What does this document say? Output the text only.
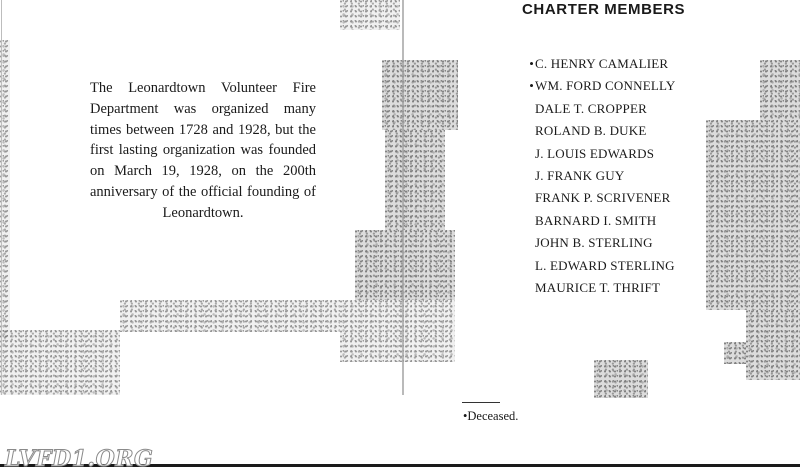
The Leonardtown Volunteer Fire Department was organized many times between 1728 and 1928, but the first lasting organization was founded on March 19, 1928, on the 200th anniversary of the official founding of Leonardtown.

CHARTER MEMBERS
• C. HENRY CAMALIER
• WM. FORD CONNELLY
DALE T. CROPPER
ROLAND B. DUKE
J. LOUIS EDWARDS
J. FRANK GUY
FRANK P. SCRIVENER
BARNARD I. SMITH
JOHN B. STERLING
L. EDWARD STERLING
MAURICE T. THRIFT

•Deceased.

LVFD1.ORG
